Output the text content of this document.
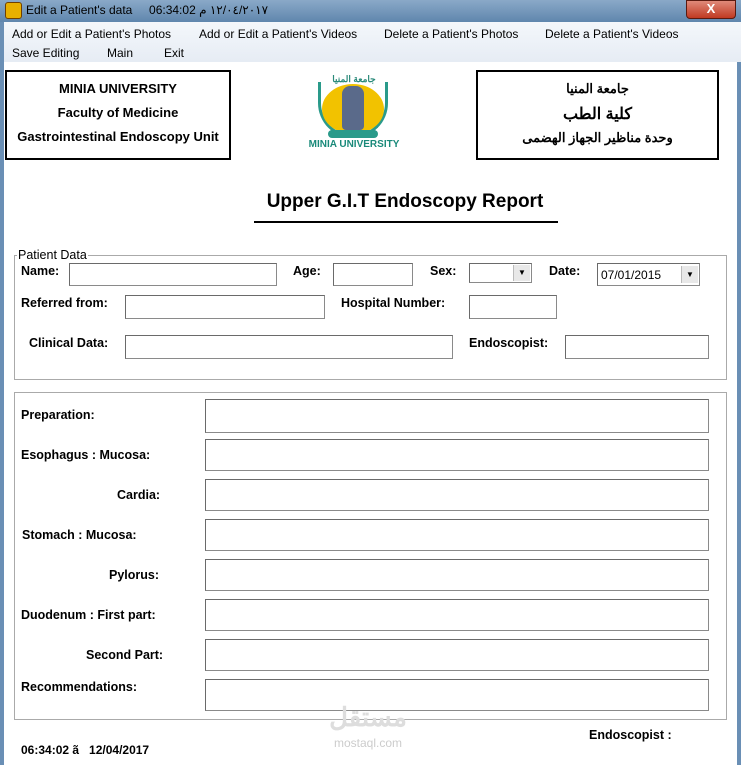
Edit a Patient's data 06:34:02 ١٢/٠٤/٢٠١٧ م	X
Add or Edit a Patient's Photos Add or Edit a Patient's Videos Delete a Patient's Photos Delete a Patient's Videos
Save Editing Main	Exit
MINIA UNIVERSITY
Faculty of Medicine
Gastrointestinal Endoscopy Unit
جامعة المنيا
MINIA UNIVERSITY
جامعة المنيا
كلية الطب
وحدة مناظير الجهاز الهضمى
Upper G.I.T Endoscopy Report
Patient Data
Name:	Age:	Sex:	▼	Date: 07/01/2015	▼
Referred from:	Hospital Number:
Clinical Data:	Endoscopist:
Preparation:
Esophagus : Mucosa:
Cardia:
Stomach : Mucosa:
Pylorus:
Duodenum : First part:
Second Part:
Recommendations:
مستقل
mostaql.com
06:34:02 ã   12/04/2017
Endoscopist :
